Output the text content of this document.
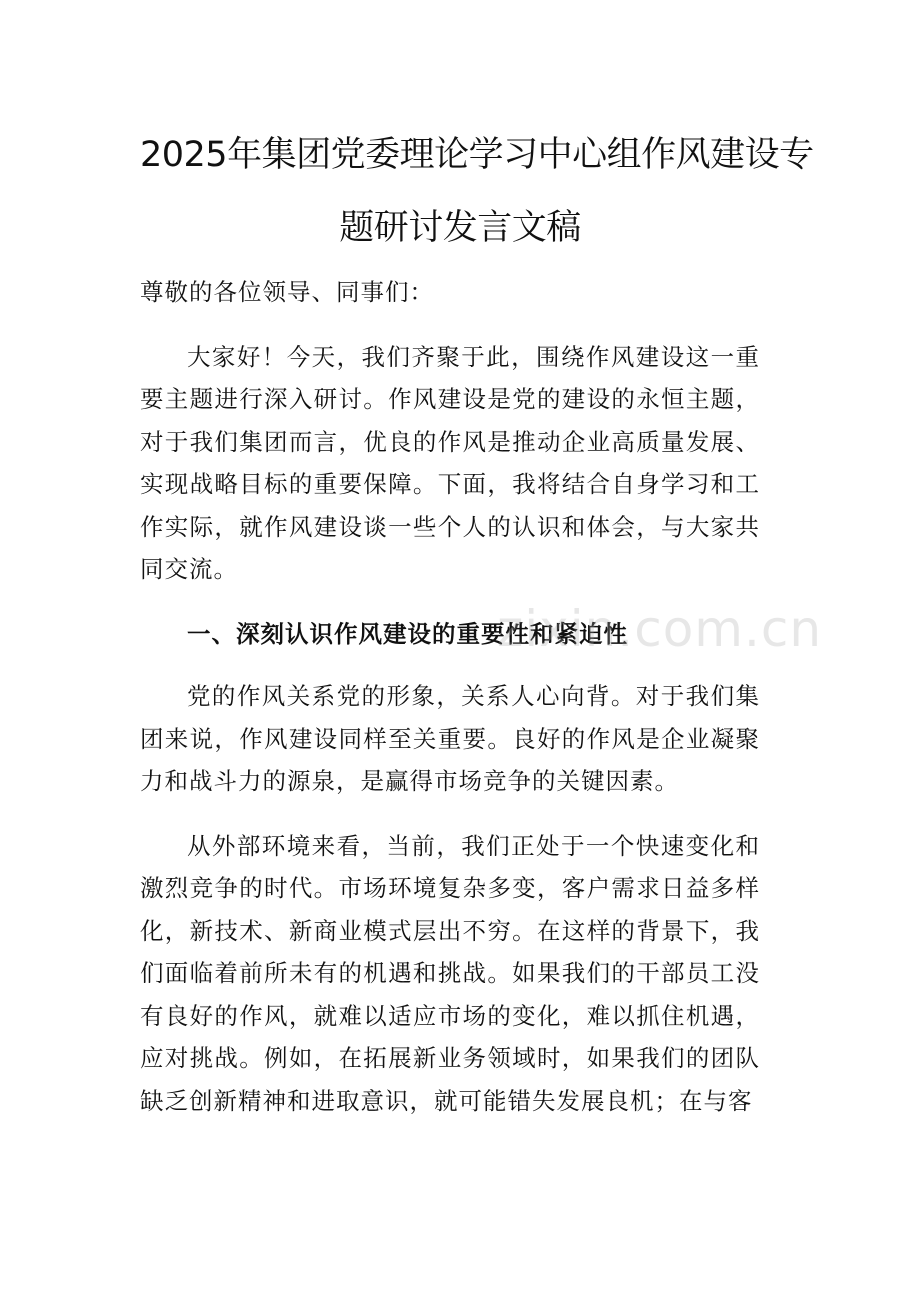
2025年集团党委理论学习中心组作风建设专
题研讨发言文稿

尊敬的各位领导、同事们：

大家好！今天，我们齐聚于此，围绕作风建设这一重要主题进行深入研讨。作风建设是党的建设的永恒主题，对于我们集团而言，优良的作风是推动企业高质量发展、实现战略目标的重要保障。下面，我将结合自身学习和工作实际，就作风建设谈一些个人的认识和体会，与大家共同交流。

一、深刻认识作风建设的重要性和紧迫性

党的作风关系党的形象，关系人心向背。对于我们集团来说，作风建设同样至关重要。良好的作风是企业凝聚力和战斗力的源泉，是赢得市场竞争的关键因素。

从外部环境来看，当前，我们正处于一个快速变化和激烈竞争的时代。市场环境复杂多变，客户需求日益多样化，新技术、新商业模式层出不穷。在这样的背景下，我们面临着前所未有的机遇和挑战。如果我们的干部员工没有良好的作风，就难以适应市场的变化，难以抓住机遇，应对挑战。例如，在拓展新业务领域时，如果我们的团队缺乏创新精神和进取意识，就可能错失发展良机；在与客

zixin.com.cn
